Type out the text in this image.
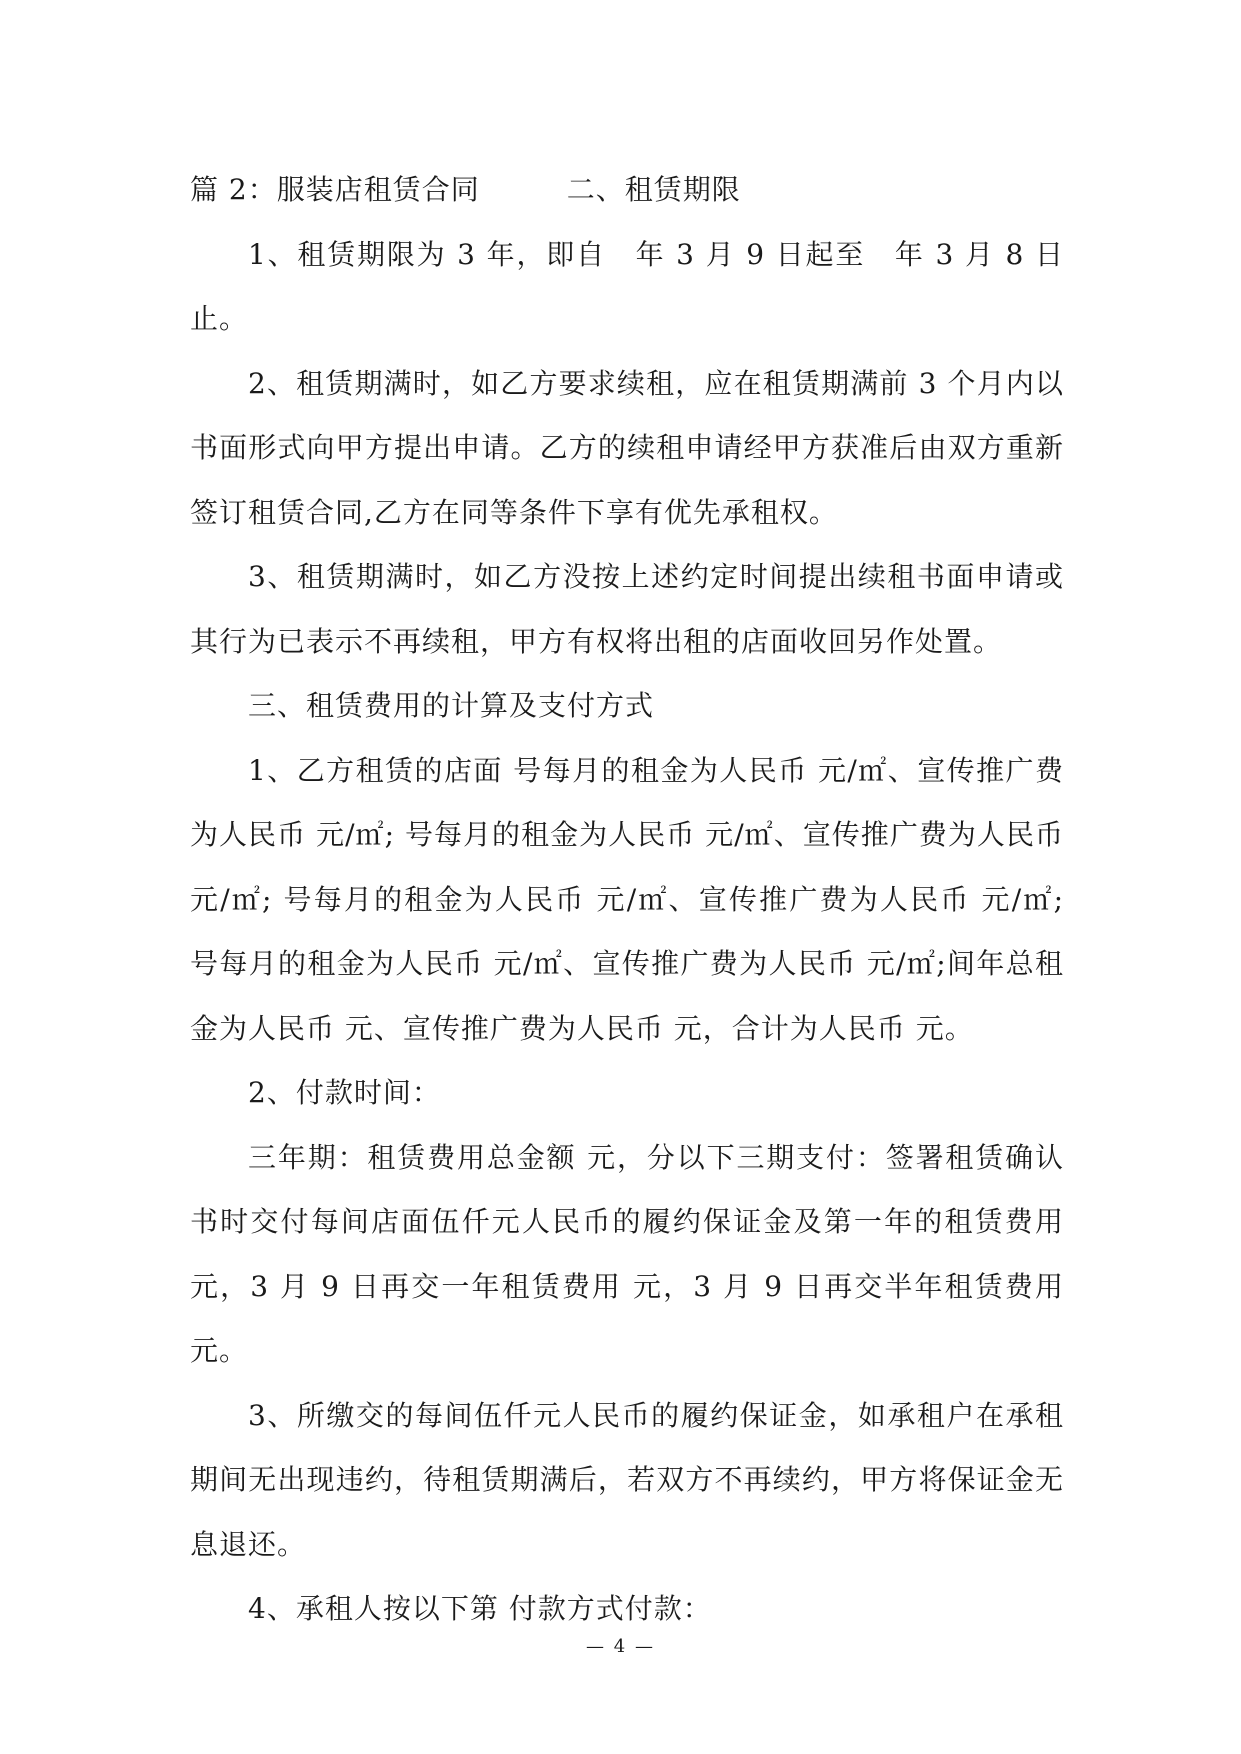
篇 2：服装店租赁合同　　　	二、租赁期限

1、租赁期限为 3 年，即自　年 3 月 9 日起至　年 3 月 8 日止。

2、租赁期满时，如乙方要求续租，应在租赁期满前 3 个月内以书面形式向甲方提出申请。乙方的续租申请经甲方获准后由双方重新签订租赁合同,乙方在同等条件下享有优先承租权。

3、租赁期满时，如乙方没按上述约定时间提出续租书面申请或其行为已表示不再续租，甲方有权将出租的店面收回另作处置。

三、租赁费用的计算及支付方式

1、乙方租赁的店面 号每月的租金为人民币 元/㎡、宣传推广费为人民币 元/㎡; 号每月的租金为人民币 元/㎡、宣传推广费为人民币 元/㎡; 号每月的租金为人民币 元/㎡、宣传推广费为人民币 元/㎡; 号每月的租金为人民币 元/㎡、宣传推广费为人民币 元/㎡;间年总租金为人民币 元、宣传推广费为人民币 元，合计为人民币 元。

2、付款时间：

三年期：租赁费用总金额 元，分以下三期支付：签署租赁确认书时交付每间店面伍仟元人民币的履约保证金及第一年的租赁费用 元，3 月 9 日再交一年租赁费用 元，3 月 9 日再交半年租赁费用 元。

3、所缴交的每间伍仟元人民币的履约保证金，如承租户在承租期间无出现违约，待租赁期满后，若双方不再续约，甲方将保证金无息退还。

4、承租人按以下第 付款方式付款：

— 4 —
